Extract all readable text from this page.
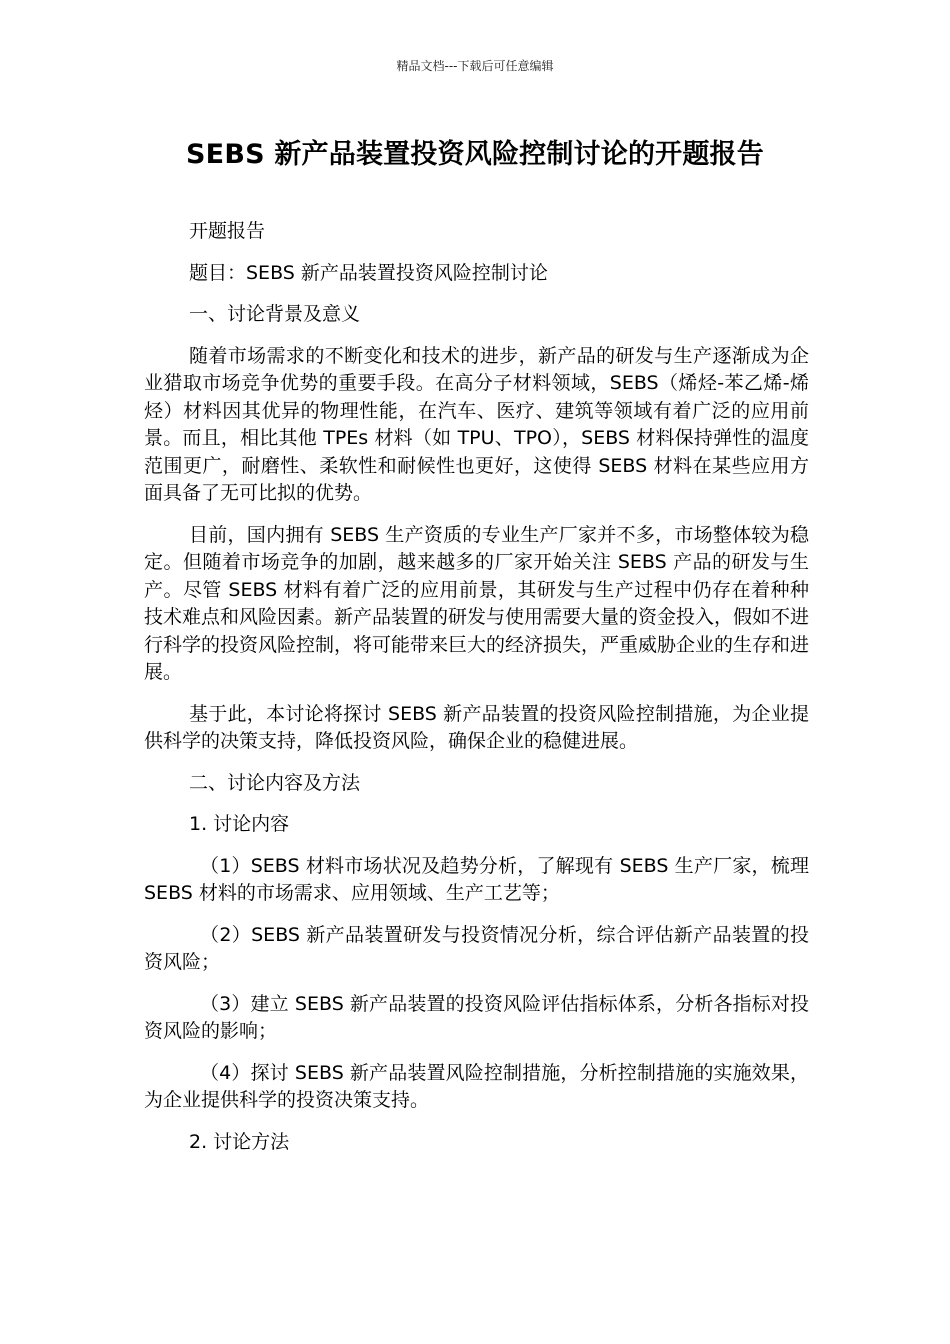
精品文档---下载后可任意编辑
SEBS 新产品装置投资风险控制讨论的开题报告

开题报告

题目：SEBS 新产品装置投资风险控制讨论

一、讨论背景及意义

随着市场需求的不断变化和技术的进步，新产品的研发与生产逐渐成为企业猎取市场竞争优势的重要手段。在高分子材料领域，SEBS（烯烃-苯乙烯-烯烃）材料因其优异的物理性能，在汽车、医疗、建筑等领域有着广泛的应用前景。而且，相比其他 TPEs 材料（如 TPU、TPO），SEBS 材料保持弹性的温度范围更广，耐磨性、柔软性和耐候性也更好，这使得 SEBS 材料在某些应用方面具备了无可比拟的优势。

目前，国内拥有 SEBS 生产资质的专业生产厂家并不多，市场整体较为稳定。但随着市场竞争的加剧，越来越多的厂家开始关注 SEBS 产品的研发与生产。尽管 SEBS 材料有着广泛的应用前景，其研发与生产过程中仍存在着种种技术难点和风险因素。新产品装置的研发与使用需要大量的资金投入，假如不进行科学的投资风险控制，将可能带来巨大的经济损失，严重威胁企业的生存和进展。

基于此，本讨论将探讨 SEBS 新产品装置的投资风险控制措施，为企业提供科学的决策支持，降低投资风险，确保企业的稳健进展。

二、讨论内容及方法

1. 讨论内容

（1）SEBS 材料市场状况及趋势分析，了解现有 SEBS 生产厂家，梳理 SEBS 材料的市场需求、应用领域、生产工艺等；

（2）SEBS 新产品装置研发与投资情况分析，综合评估新产品装置的投资风险；

（3）建立 SEBS 新产品装置的投资风险评估指标体系，分析各指标对投资风险的影响；

（4）探讨 SEBS 新产品装置风险控制措施，分析控制措施的实施效果，为企业提供科学的投资决策支持。

2. 讨论方法
